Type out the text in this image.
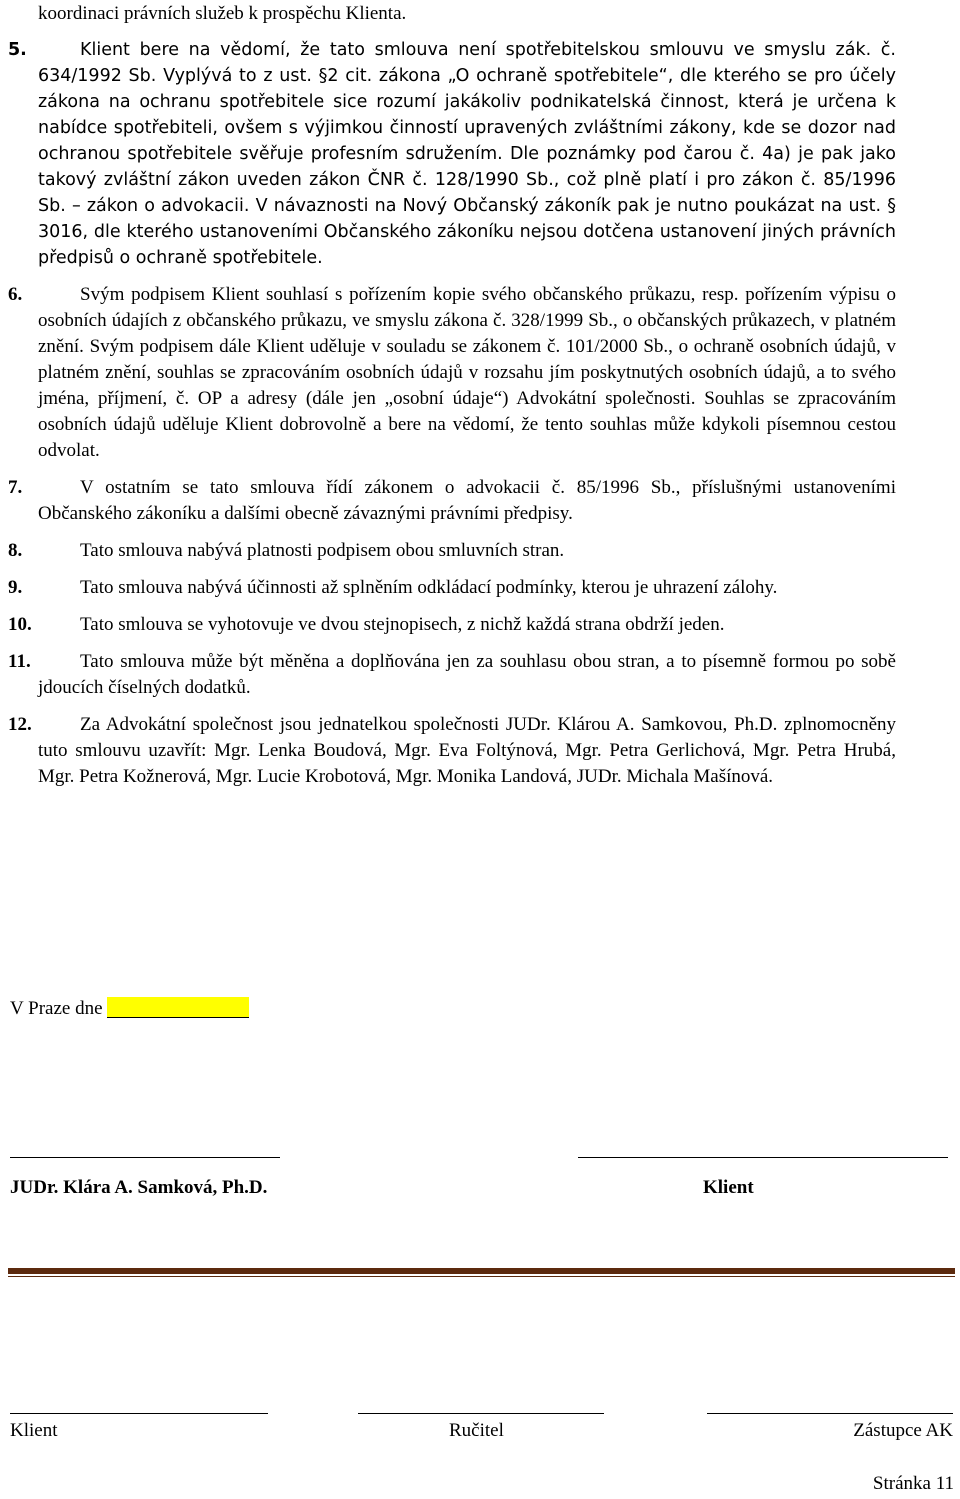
koordinaci právních služeb k prospěchu Klienta.

5.	Klient bere na vědomí, že tato smlouva není spotřebitelskou smlouvu ve smyslu zák. č. 634/1992 Sb. Vyplývá to z ust. §2 cit. zákona „O ochraně spotřebitele“, dle kterého se pro účely zákona na ochranu spotřebitele sice rozumí jakákoliv podnikatelská činnost, která je určena k nabídce spotřebiteli, ovšem s výjimkou činností upravených zvláštními zákony, kde se dozor nad ochranou spotřebitele svěřuje profesním sdružením. Dle poznámky pod čarou č. 4a) je pak jako takový zvláštní zákon uveden zákon ČNR č. 128/1990 Sb., což plně platí i pro zákon č. 85/1996 Sb. – zákon o advokacii. V návaznosti na Nový Občanský zákoník pak je nutno poukázat na ust. § 3016, dle kterého ustanoveními Občanského zákoníku nejsou dotčena ustanovení jiných právních předpisů o ochraně spotřebitele.

6.	Svým podpisem Klient souhlasí s pořízením kopie svého občanského průkazu, resp. pořízením výpisu o osobních údajích z občanského průkazu, ve smyslu zákona č. 328/1999 Sb., o občanských průkazech, v platném znění. Svým podpisem dále Klient uděluje v souladu se zákonem č. 101/2000 Sb., o ochraně osobních údajů, v platném znění, souhlas se zpracováním osobních údajů v rozsahu jím poskytnutých osobních údajů, a to svého jména, příjmení, č. OP a adresy (dále jen „osobní údaje“) Advokátní společnosti. Souhlas se zpracováním osobních údajů uděluje Klient dobrovolně a bere na vědomí, že tento souhlas může kdykoli písemnou cestou odvolat.

7.	V ostatním se tato smlouva řídí zákonem o advokacii č. 85/1996 Sb., příslušnými ustanoveními Občanského zákoníku a dalšími obecně závaznými právními předpisy.

8.	Tato smlouva nabývá platnosti podpisem obou smluvních stran.

9.	Tato smlouva nabývá účinnosti až splněním odkládací podmínky, kterou je uhrazení zálohy.

10.	Tato smlouva se vyhotovuje ve dvou stejnopisech, z nichž každá strana obdrží jeden.

11.	Tato smlouva může být měněna a doplňována jen za souhlasu obou stran, a to písemně formou po sobě jdoucích číselných dodatků.

12.	Za Advokátní společnost jsou jednatelkou společnosti JUDr. Klárou A. Samkovou, Ph.D. zplnomocněny tuto smlouvu uzavřít: Mgr. Lenka Boudová, Mgr. Eva Foltýnová, Mgr. Petra Gerlichová, Mgr. Petra Hrubá, Mgr. Petra Kožnerová, Mgr. Lucie Krobotová, Mgr. Monika Landová, JUDr. Michala Mašínová.

V Praze dne
JUDr. Klára A. Samková, Ph.D.	Klient
Klient	Ručitel	Zástupce AK
Stránka 11
